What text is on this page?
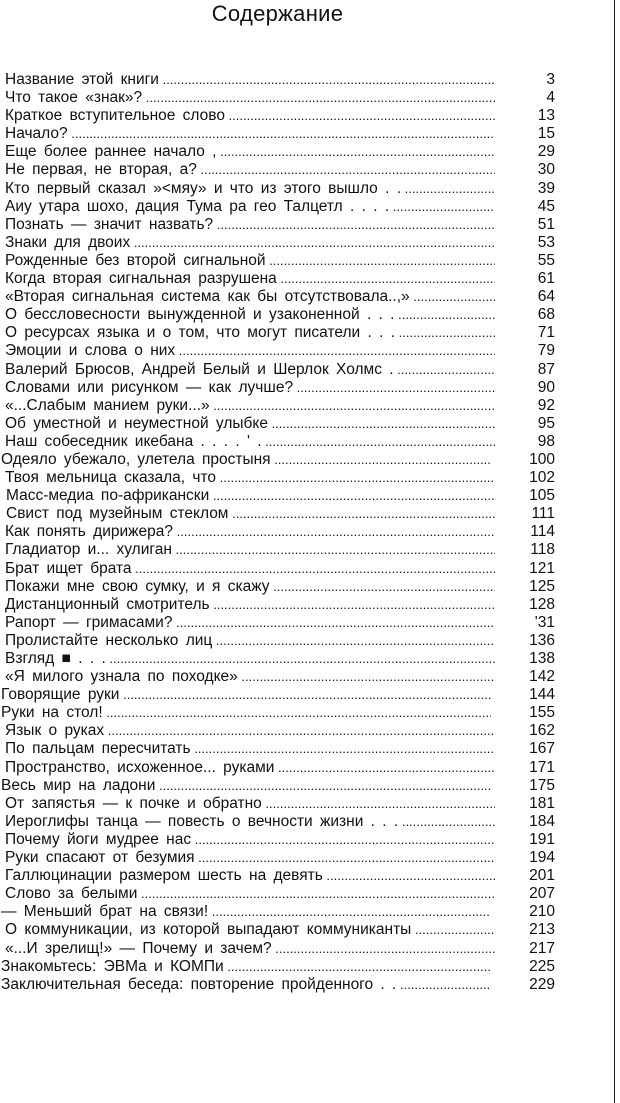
Содержание
Название этой книги .....	3
Что такое «знак»? .....	4
Краткое вступительное слово .....	13
Начало? .....	15
Еще более раннее начало , .....	29
Не первая, не вторая, а? .....	30
Кто первый сказал »<мяу» и что из этого вышло . . .....	39
Аиу утара шохо, дация Тума ра гео Талцетл . . . . .....	45
Познать — значит назвать? .....	51
Знаки для двоих .....	53
Рожденные без второй сигнальной .....	55
Когда вторая сигнальная разрушена .....	61
«Вторая сигнальная система как бы отсутствовала..,» .....	64
О бессловесности вынужденной и узаконенной . . . .....	68
О ресурсах языка и о том, что могут писатели . . . .....	71
Эмоции и слова о них .....	79
Валерий Брюсов, Андрей Белый и Шерлок Холмс . .....	87
Словами или рисунком — как лучше? .....	90
«...Слабым манием руки...» .....	92
Об уместной и неуместной улыбке .....	95
Наш собеседник икебана . . . . ' . .....	98
Одеяло убежало, улетела простыня .....	100
Твоя мельница сказала, что .....	102
Масс-медиа по-африкански .....	105
Свист под музейным стеклом .....	111
Как понять дирижера? .....	114
Гладиатор и... хулиган .....	118
Брат ищет брата .....	121
Покажи мне свою сумку, и я скажу .....	125
Дистанционный смотритель .....	128
Рапорт — гримасами? .....	'31
Пролистайте несколько лиц .....	136
Взгляд ■ . . . .....	138
«Я милого узнала по походке» .....	142
Говорящие руки .....	144
Руки на стол! .....	155
Язык о руках .....	162
По пальцам пересчитать .....	167
Пространство, исхоженное... руками .....	171
Весь мир на ладони .....	175
От запястья — к почке и обратно .....	181
Иероглифы танца — повесть о вечности жизни . . . .....	184
Почему йоги мудрее нас .....	191
Руки спасают от безумия .....	194
Галлюцинации размером шесть на девять .....	201
Слово за белыми .....	207
— Меньший брат на связи! .....	210
О коммуникации, из которой выпадают коммуниканты .....	213
«...И зрелищ!» — Почему и зачем? .....	217
Знакомьтесь: ЭВМа и КОМПи .....	225
Заключительная беседа: повторение пройденного . . .....	229
